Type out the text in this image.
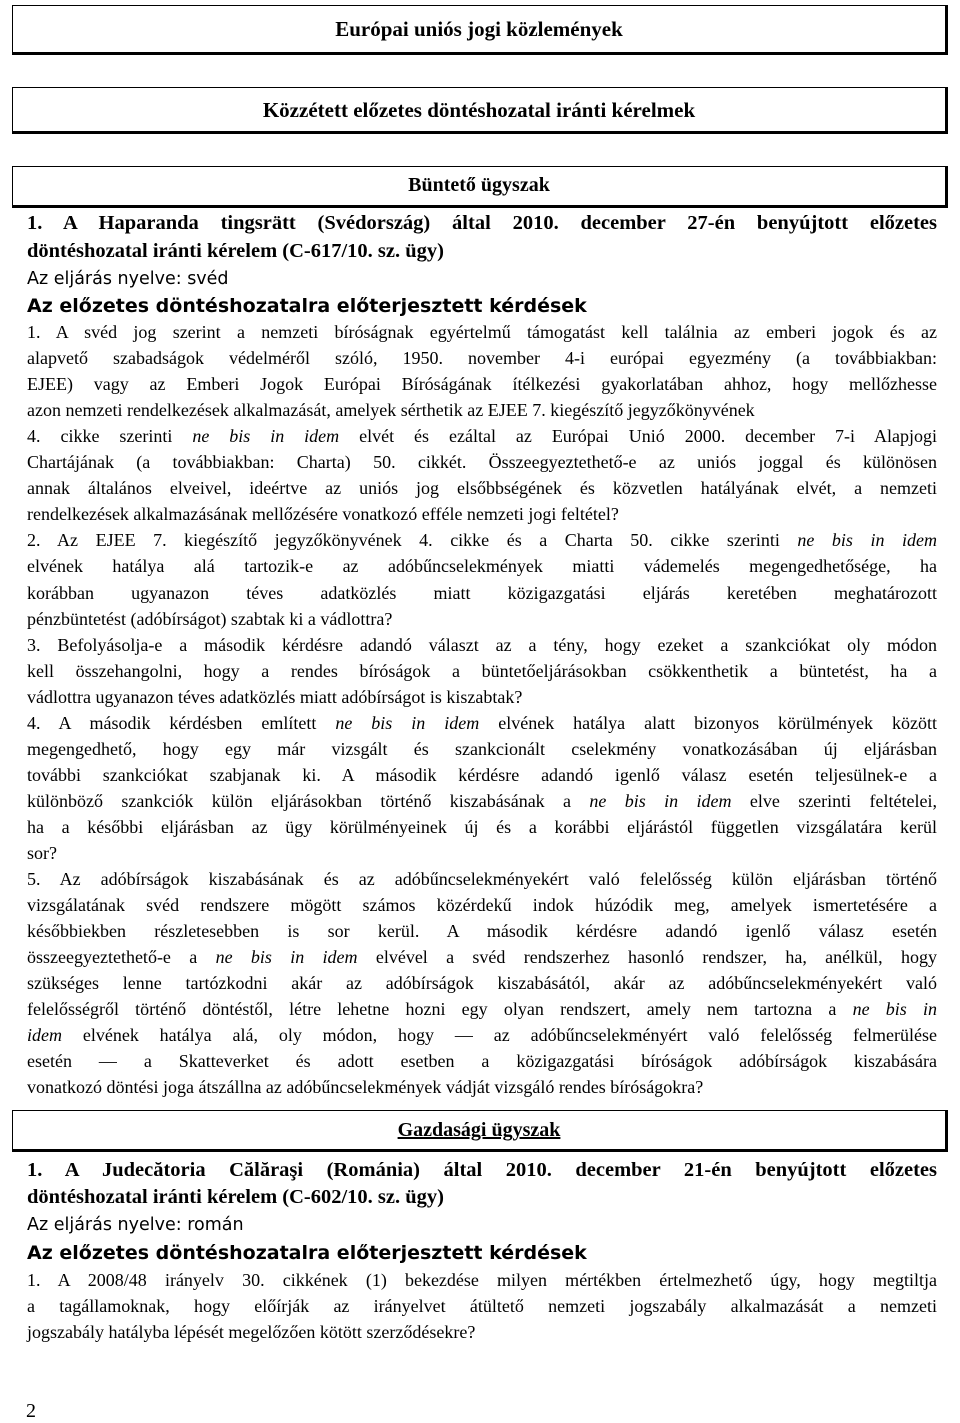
Európai uniós jogi közlemények
Közzétett előzetes döntéshozatal iránti kérelmek
Büntető ügyszak
1. A Haparanda tingsrätt (Svédország) által 2010. december 27-én benyújtott előzetes
döntéshozatal iránti kérelem (C-617/10. sz. ügy)
Az eljárás nyelve: svéd
Az előzetes döntéshozatalra előterjesztett kérdések
1. A svéd jog szerint a nemzeti bíróságnak egyértelmű támogatást kell találnia az emberi jogok és az
alapvető szabadságok védelméről szóló, 1950. november 4-i európai egyezmény (a továbbiakban:
EJEE) vagy az Emberi Jogok Európai Bíróságának ítélkezési gyakorlatában ahhoz, hogy mellőzhesse
azon nemzeti rendelkezések alkalmazását, amelyek sérthetik az EJEE 7. kiegészítő jegyzőkönyvének
4. cikke szerinti ne bis in idem elvét és ezáltal az Európai Unió 2000. december 7-i Alapjogi
Chartájának (a továbbiakban: Charta) 50. cikkét. Összeegyeztethető-e az uniós joggal és különösen
annak általános elveivel, ideértve az uniós jog elsőbbségének és közvetlen hatályának elvét, a nemzeti
rendelkezések alkalmazásának mellőzésére vonatkozó efféle nemzeti jogi feltétel?
2. Az EJEE 7. kiegészítő jegyzőkönyvének 4. cikke és a Charta 50. cikke szerinti ne bis in idem
elvének hatálya alá tartozik-e az adóbűncselekmények miatti vádemelés megengedhetősége, ha
korábban ugyanazon téves adatközlés miatt közigazgatási eljárás keretében meghatározott
pénzbüntetést (adóbírságot) szabtak ki a vádlottra?
3. Befolyásolja-e a második kérdésre adandó választ az a tény, hogy ezeket a szankciókat oly módon
kell összehangolni, hogy a rendes bíróságok a büntetőeljárásokban csökkenthetik a büntetést, ha a
vádlottra ugyanazon téves adatközlés miatt adóbírságot is kiszabtak?
4. A második kérdésben említett ne bis in idem elvének hatálya alatt bizonyos körülmények között
megengedhető, hogy egy már vizsgált és szankcionált cselekmény vonatkozásában új eljárásban
további szankciókat szabjanak ki. A második kérdésre adandó igenlő válasz esetén teljesülnek-e a
különböző szankciók külön eljárásokban történő kiszabásának a ne bis in idem elve szerinti feltételei,
ha a későbbi eljárásban az ügy körülményeinek új és a korábbi eljárástól független vizsgálatára kerül
sor?
5. Az adóbírságok kiszabásának és az adóbűncselekményekért való felelősség külön eljárásban történő
vizsgálatának svéd rendszere mögött számos közérdekű indok húzódik meg, amelyek ismertetésére a
későbbiekben részletesebben is sor kerül. A második kérdésre adandó igenlő válasz esetén
összeegyeztethető-e a ne bis in idem elvével a svéd rendszerhez hasonló rendszer, ha, anélkül, hogy
szükséges lenne tartózkodni akár az adóbírságok kiszabásától, akár az adóbűncselekményekért való
felelősségről történő döntéstől, létre lehetne hozni egy olyan rendszert, amely nem tartozna a ne bis in
idem elvének hatálya alá, oly módon, hogy — az adóbűncselekményért való felelősség felmerülése
esetén — a Skatteverket és adott esetben a közigazgatási bíróságok adóbírságok kiszabására
vonatkozó döntési joga átszállna az adóbűncselekmények vádját vizsgáló rendes bíróságokra?
Gazdasági ügyszak
1. A Judecătoria Călăraşi (Románia) által 2010. december 21-én benyújtott előzetes
döntéshozatal iránti kérelem (C-602/10. sz. ügy)
Az eljárás nyelve: román
Az előzetes döntéshozatalra előterjesztett kérdések
1. A 2008/48 irányelv 30. cikkének (1) bekezdése milyen mértékben értelmezhető úgy, hogy megtiltja
a tagállamoknak, hogy előírják az irányelvet átültető nemzeti jogszabály alkalmazását a nemzeti
jogszabály hatályba lépését megelőzően kötött szerződésekre?
2
